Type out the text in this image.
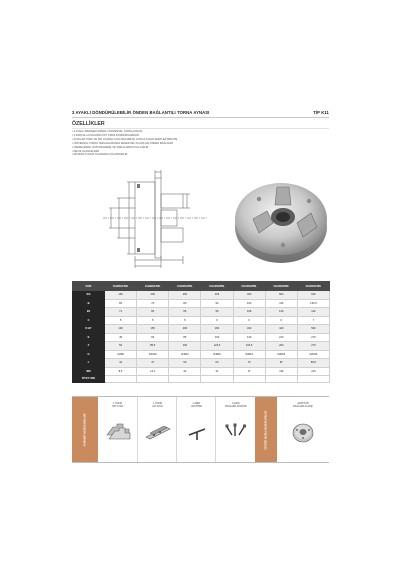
3 AYAKLI DÖNDÜRÜLEBİLİR ÖNDEN BAĞLANTILI TORNA AYNASI	TİP K11
ÖZELLİKLER
• 3 AYAKLI MERKEZİ SIPMALI ÜNİVERSAL TORNA AYNASI
• 2 PARÇALI AYAKLARIN ÜST KISMI DÖNDÜRÜLEBİLİR
• AYAKLAR TORK VE DİŞ OLARAK KULLANILABİLİR; AYRICA KVAVA SERTLEŞTİRİLMİŞ
• ÜNİVERSAL TORNA TEZGAHLARINDA FENER MİLİ FLANŞ İLE ÖNDEN BAĞLANIR
• FREZELERDE, DİVİZÖRLERDE VE TABLALARDA KULLANILIR
• DEVİZ OLANAKLIDIR
• DİVİZÖR AYNASI OLARAKDA AOLANDIRILIR
KOD	CHARGFRN.	CHARGFRN.	CHARGFRN.	CHARGFRN.	CHARGFRN.	CHARGFRN.	CHARGFRN.
ØA	160	200	250	315	400	500	630
B	65	70	80	90	100	115	133.5
B1	71	80	86	95	108	126	142
C	5	5	5	6	6	6	7
D H7	130	165	206	260	340	440	560
E	45	65	85	100	130	210	270
F	56	85,5	100	123,5	164,5	203	273
G	3xM8	3xM10	3xM12	3xM16	3xM16	6xM16	6xM16
L	44	47	59	63	72	87	86,5
ØM	8,5	14,1	32	41	71	119	213
FİYAT USD							
AYNAMIT AKSESUARLARI
1 TAKIM
ÜST AYNA
1 TAKIM
ALT AYNA
1 ADET
ANAHTAR
FLANŞ
BAĞLAMA CİVATASI
İSTEĞE BAĞLI AKSESUARLAR
ADAPTÖR
BAĞLAMA FLANŞI
